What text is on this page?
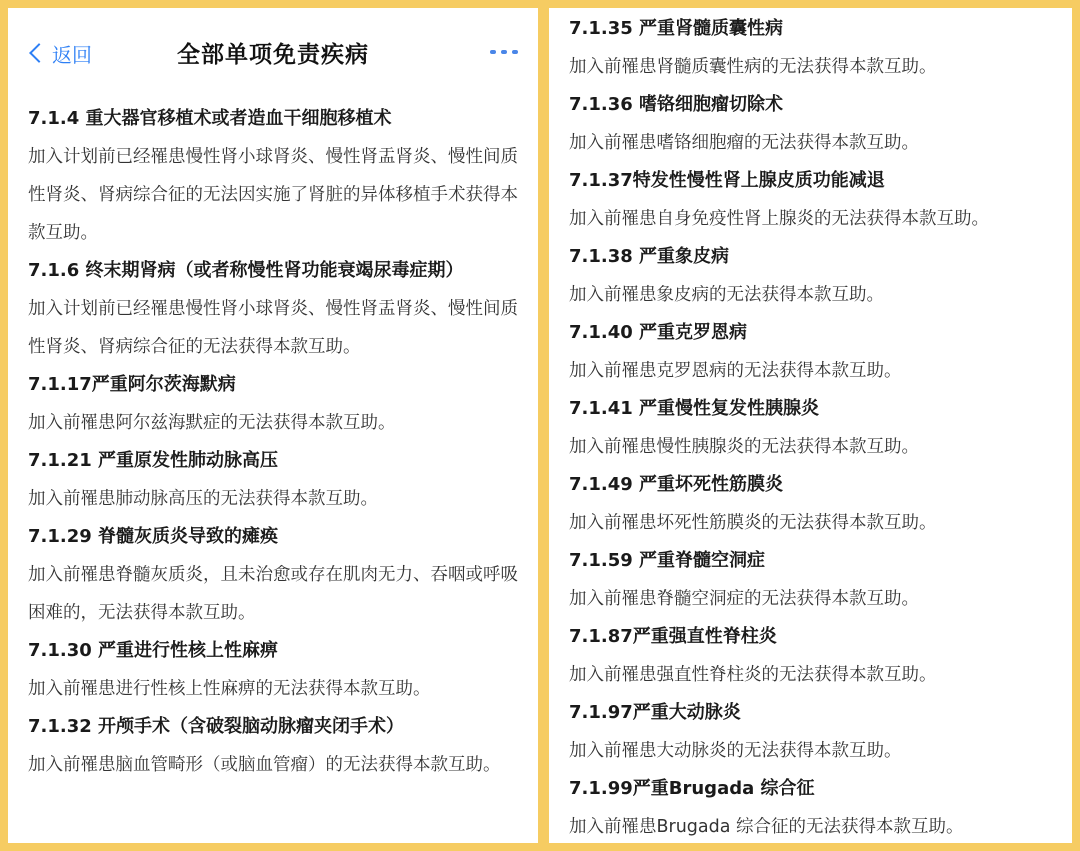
返回	全部单项免责疾病
7.1.4 重大器官移植术或者造血干细胞移植术
加入计划前已经罹患慢性肾小球肾炎、慢性肾盂肾炎、慢性间质性肾炎、肾病综合征的无法因实施了肾脏的异体移植手术获得本款互助。
7.1.6 终末期肾病（或者称慢性肾功能衰竭尿毒症期）
加入计划前已经罹患慢性肾小球肾炎、慢性肾盂肾炎、慢性间质性肾炎、肾病综合征的无法获得本款互助。
7.1.17严重阿尔茨海默病
加入前罹患阿尔兹海默症的无法获得本款互助。
7.1.21 严重原发性肺动脉高压
加入前罹患肺动脉高压的无法获得本款互助。
7.1.29 脊髓灰质炎导致的瘫痪
加入前罹患脊髓灰质炎，且未治愈或存在肌肉无力、吞咽或呼吸困难的，无法获得本款互助。
7.1.30 严重进行性核上性麻痹
加入前罹患进行性核上性麻痹的无法获得本款互助。
7.1.32 开颅手术（含破裂脑动脉瘤夹闭手术）
加入前罹患脑血管畸形（或脑血管瘤）的无法获得本款互助。
7.1.35 严重肾髓质囊性病
加入前罹患肾髓质囊性病的无法获得本款互助。
7.1.36 嗜铬细胞瘤切除术
加入前罹患嗜铬细胞瘤的无法获得本款互助。
7.1.37特发性慢性肾上腺皮质功能减退
加入前罹患自身免疫性肾上腺炎的无法获得本款互助。
7.1.38 严重象皮病
加入前罹患象皮病的无法获得本款互助。
7.1.40 严重克罗恩病
加入前罹患克罗恩病的无法获得本款互助。
7.1.41 严重慢性复发性胰腺炎
加入前罹患慢性胰腺炎的无法获得本款互助。
7.1.49 严重坏死性筋膜炎
加入前罹患坏死性筋膜炎的无法获得本款互助。
7.1.59 严重脊髓空洞症
加入前罹患脊髓空洞症的无法获得本款互助。
7.1.87严重强直性脊柱炎
加入前罹患强直性脊柱炎的无法获得本款互助。
7.1.97严重大动脉炎
加入前罹患大动脉炎的无法获得本款互助。
7.1.99严重Brugada 综合征
加入前罹患Brugada 综合征的无法获得本款互助。
